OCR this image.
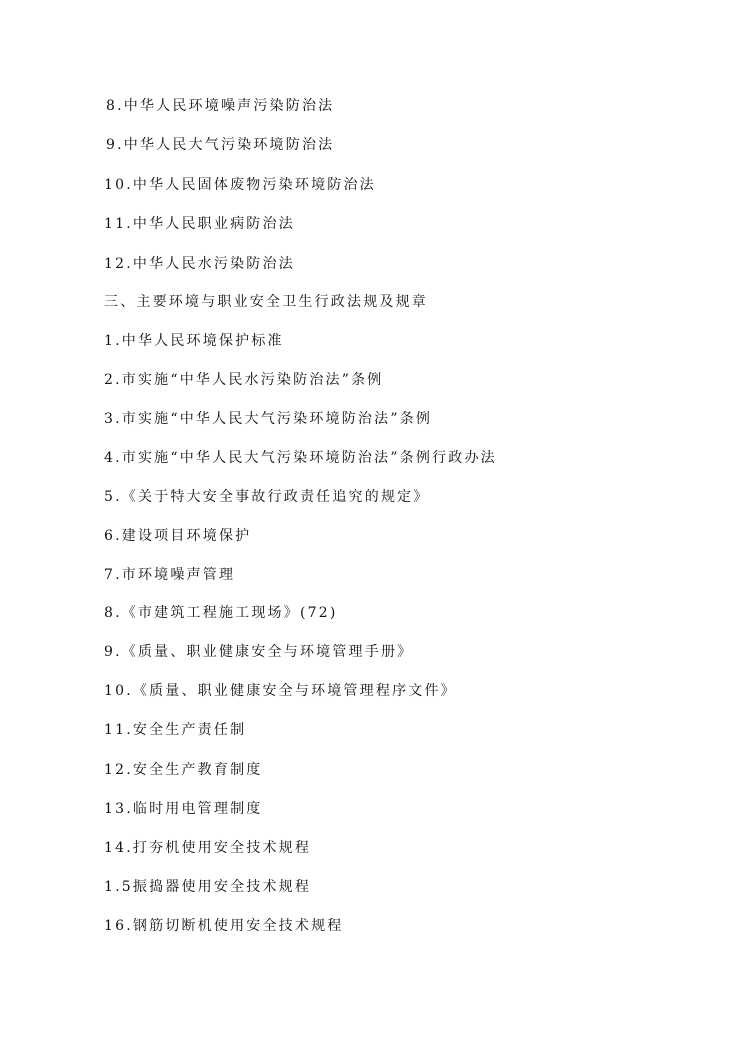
8.中华人民环境噪声污染防治法
9.中华人民大气污染环境防治法
10.中华人民固体废物污染环境防治法
11.中华人民职业病防治法
12.中华人民水污染防治法
三、主要环境与职业安全卫生行政法规及规章
1.中华人民环境保护标准
2.市实施“中华人民水污染防治法”条例
3.市实施“中华人民大气污染环境防治法”条例
4.市实施“中华人民大气污染环境防治法”条例行政办法
5.《关于特大安全事故行政责任追究的规定》
6.建设项目环境保护
7.市环境噪声管理
8.《市建筑工程施工现场》(72)
9.《质量、职业健康安全与环境管理手册》
10.《质量、职业健康安全与环境管理程序文件》
11.安全生产责任制
12.安全生产教育制度
13.临时用电管理制度
14.打夯机使用安全技术规程
1.5振捣器使用安全技术规程
16.钢筋切断机使用安全技术规程
